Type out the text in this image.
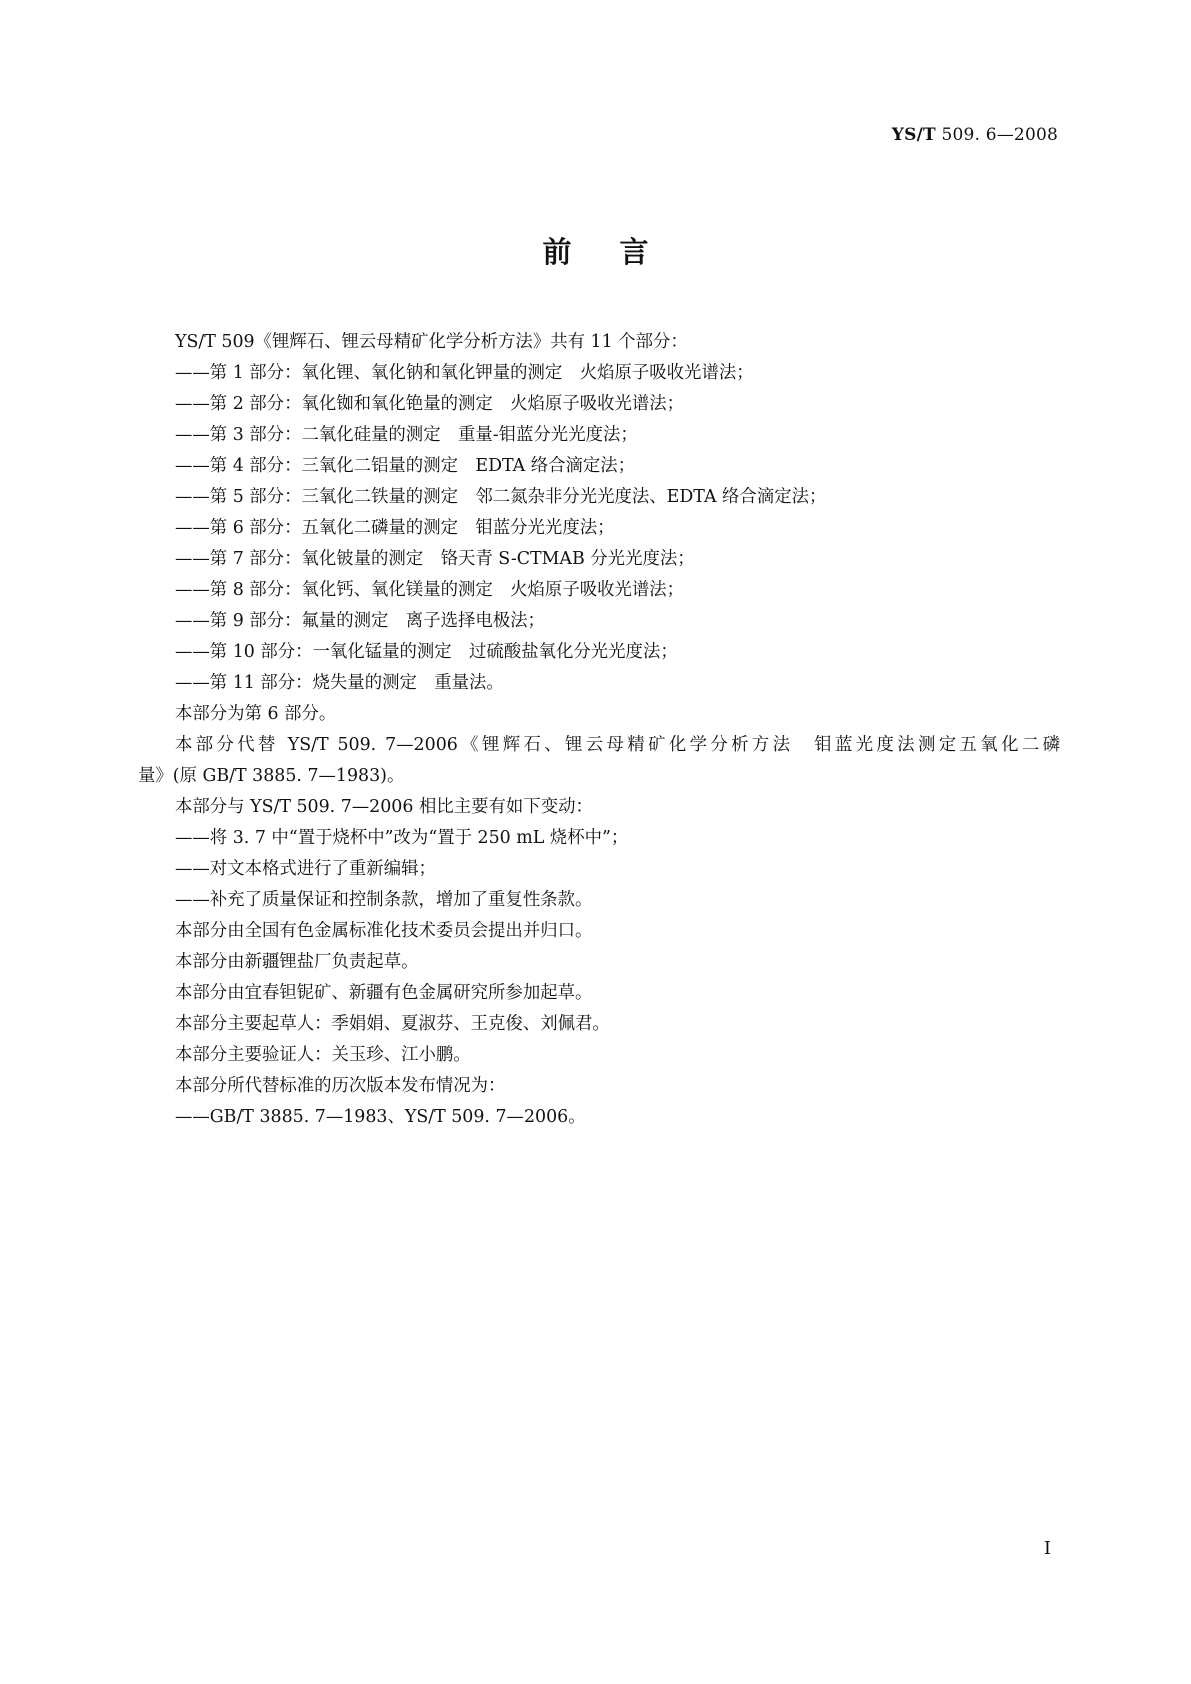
YS/T 509. 6—2008
前言
YS/T 509《锂辉石、锂云母精矿化学分析方法》共有 11 个部分：
——第 1 部分：氧化锂、氧化钠和氧化钾量的测定　火焰原子吸收光谱法；
——第 2 部分：氧化铷和氧化铯量的测定　火焰原子吸收光谱法；
——第 3 部分：二氧化硅量的测定　重量-钼蓝分光光度法；
——第 4 部分：三氧化二铝量的测定　EDTA 络合滴定法；
——第 5 部分：三氧化二铁量的测定　邻二氮杂非分光光度法、EDTA 络合滴定法；
——第 6 部分：五氧化二磷量的测定　钼蓝分光光度法；
——第 7 部分：氧化铍量的测定　铬天青 S-CTMAB 分光光度法；
——第 8 部分：氧化钙、氧化镁量的测定　火焰原子吸收光谱法；
——第 9 部分：氟量的测定　离子选择电极法；
——第 10 部分：一氧化锰量的测定　过硫酸盐氧化分光光度法；
——第 11 部分：烧失量的测定　重量法。
本部分为第 6 部分。
本部分代替 YS/T 509. 7—2006《锂辉石、锂云母精矿化学分析方法　钼蓝光度法测定五氧化二磷
量》(原 GB/T 3885. 7—1983)。
本部分与 YS/T 509. 7—2006 相比主要有如下变动：
——将 3. 7 中“置于烧杯中”改为“置于 250 mL 烧杯中”；
——对文本格式进行了重新编辑；
——补充了质量保证和控制条款，增加了重复性条款。
本部分由全国有色金属标准化技术委员会提出并归口。
本部分由新疆锂盐厂负责起草。
本部分由宜春钽铌矿、新疆有色金属研究所参加起草。
本部分主要起草人：季娟娟、夏淑芬、王克俊、刘佩君。
本部分主要验证人：关玉珍、江小鹏。
本部分所代替标准的历次版本发布情况为：
——GB/T 3885. 7—1983、YS/T 509. 7—2006。
I
